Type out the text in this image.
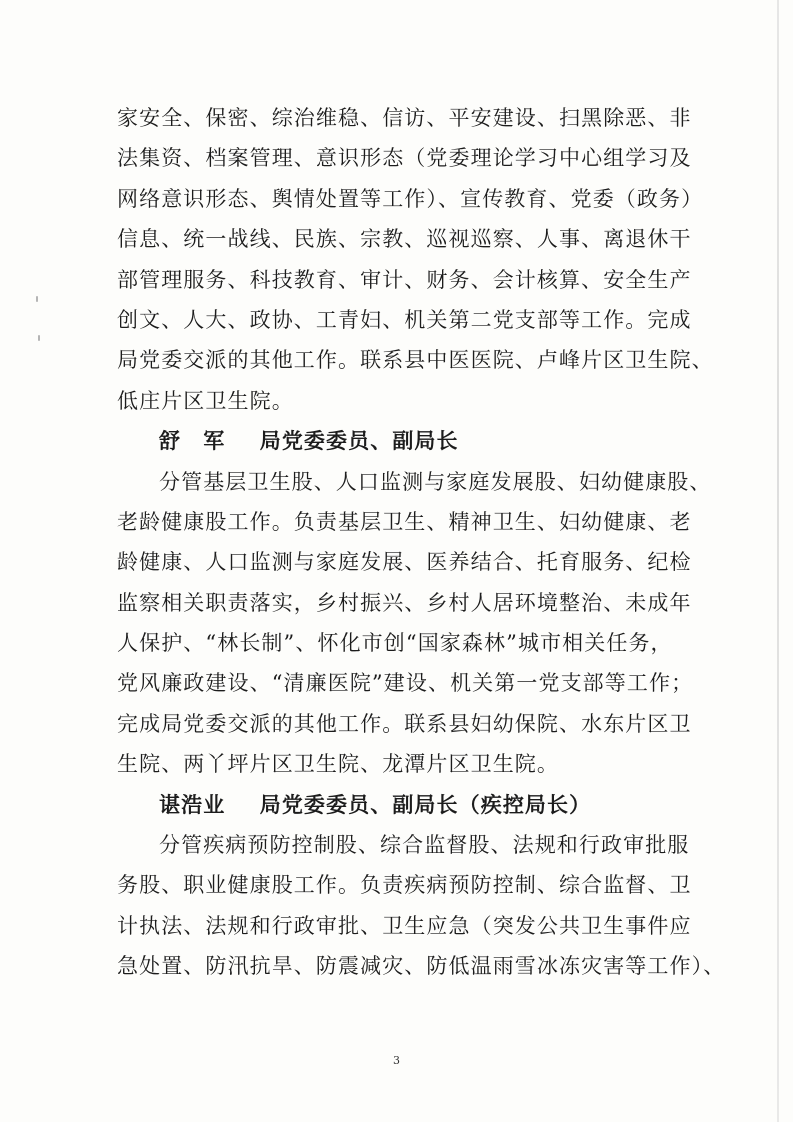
家安全、保密、综治维稳、信访、平安建设、扫黑除恶、非
法集资、档案管理、意识形态（党委理论学习中心组学习及
网络意识形态、舆情处置等工作）、宣传教育、党委（政务）
信息、统一战线、民族、宗教、巡视巡察、人事、离退休干
部管理服务、科技教育、审计、财务、会计核算、安全生产
创文、人大、政协、工青妇、机关第二党支部等工作。完成
局党委交派的其他工作。联系县中医医院、卢峰片区卫生院、
低庄片区卫生院。
舒　军 局党委委员、副局长
分管基层卫生股、人口监测与家庭发展股、妇幼健康股、
老龄健康股工作。负责基层卫生、精神卫生、妇幼健康、老
龄健康、人口监测与家庭发展、医养结合、托育服务、纪检
监察相关职责落实，乡村振兴、乡村人居环境整治、未成年
人保护、“林长制”、怀化市创“国家森林”城市相关任务，
党风廉政建设、“清廉医院”建设、机关第一党支部等工作；
完成局党委交派的其他工作。联系县妇幼保院、水东片区卫
生院、两丫坪片区卫生院、龙潭片区卫生院。
谌浩业 局党委委员、副局长（疾控局长）
分管疾病预防控制股、综合监督股、法规和行政审批服
务股、职业健康股工作。负责疾病预防控制、综合监督、卫
计执法、法规和行政审批、卫生应急（突发公共卫生事件应
急处置、防汛抗旱、防震减灾、防低温雨雪冰冻灾害等工作）、
3
